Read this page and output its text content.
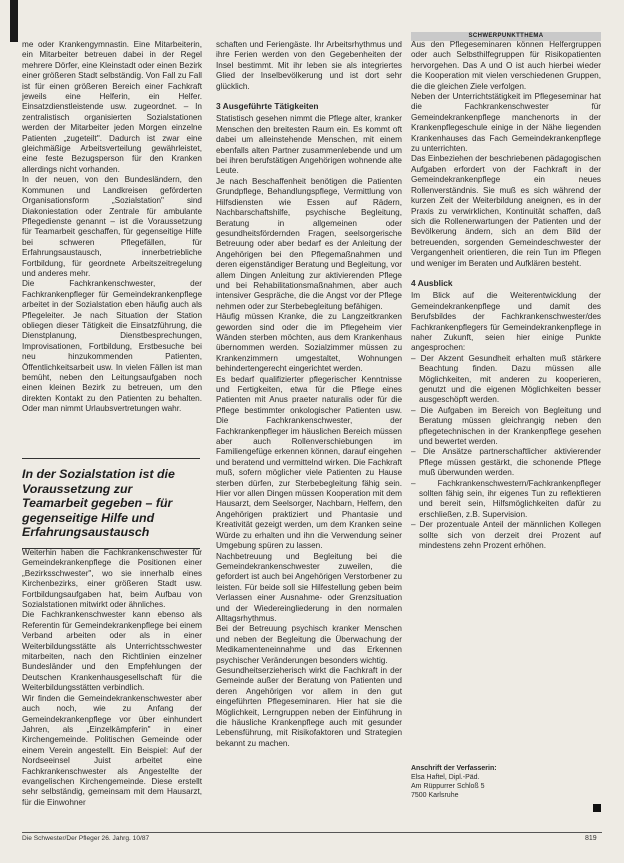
SCHWERPUNKTTHEMA

me oder Krankengymnastin. Eine Mitarbeiterin, ein Mitarbeiter betreuen dabei in der Regel mehrere Dörfer, eine Kleinstadt oder einen Bezirk einer größeren Stadt selbständig. Von Fall zu Fall ist für einen größeren Bereich einer Fachkraft jeweils eine Helferin, ein Helfer. Einsatzdienstleistende usw. zugeordnet. – In zentralistisch organisierten Sozialstationen werden der Mitarbeiter jeden Morgen einzelne Patienten „zugeteilt". Dadurch ist zwar eine gleichmäßige Arbeitsverteilung gewährleistet, eine feste Bezugsperson für den Kranken allerdings nicht vorhanden.

In der neuen, von den Bundesländern, den Kommunen und Landkreisen geförderten Organisationsform „Sozialstation" sind Diakoniestation oder Zentrale für ambulante Pflegedienste genannt – ist die Voraussetzung für Teamarbeit geschaffen, für gegenseitige Hilfe bei schweren Pflegefällen, für Erfahrungsaustausch, innerbetriebliche Fortbildung, für geordnete Arbeitszeitregelung und anderes mehr.

Die Fachkrankenschwester, der Fachkrankenpfleger für Gemeindekrankenpflege arbeitet in der Sozialstation eben häufig auch als Pflegeleiter. Je nach Situation der Station obliegen dieser Tätigkeit die Einsatzführung, die Dienstplanung, Dienstbesprechungen, Improvisationen, Fortbildung, Erstbesuche bei neu hinzukommenden Patienten, Öffentlichkeitsarbeit usw. In vielen Fällen ist man bemüht, neben den Leitungsaufgaben noch einen kleinen Bezirk zu betreuen, um den direkten Kontakt zu den Patienten zu behalten. Oder man nimmt Urlaubsvertretungen wahr.

In der Sozialstation ist die Voraussetzung zur Teamarbeit gegeben – für gegenseitige Hilfe und Erfahrungsaustausch

Weiterhin haben die Fachkrankenschwester für Gemeindekrankenpflege die Positionen einer „Bezirksschwester", wo sie innerhalb eines Kirchenbezirks, einer größeren Stadt usw. Fortbildungsaufgaben hat, beim Aufbau von Sozialstationen mitwirkt oder ähnliches.

Die Fachkrankenschwester kann ebenso als Referentin für Gemeindekrankenpflege bei einem Verband arbeiten oder als in einer Weiterbildungsstätte als Unterrichtsschwester mitarbeiten, nach den Richtlinien einzelner Bundesländer und den Empfehlungen der Deutschen Krankenhausgesellschaft für die Weiterbildungsstätten verbindlich.

Wir finden die Gemeindekrankenschwester aber auch noch, wie zu Anfang der Gemeindekrankenpflege vor über einhundert Jahren, als „Einzelkämpferin" in einer Kirchengemeinde. Politischen Gemeinde oder einem Verein angestellt. Ein Beispiel: Auf der Nordseeinsel Juist arbeitet eine Fachkrankenschwester als Angestellte der evangelischen Kirchengemeinde. Diese erstellt sehr selbständig, gemeinsam mit dem Hausarzt, für die Einwohner

schaften und Feriengäste. Ihr Arbeitsrhythmus und ihre Ferien werden von den Gegebenheiten der Insel bestimmt. Mit ihr leben sie als integriertes Glied der Inselbevölkerung und ist dort sehr glücklich.

3 Ausgeführte Tätigkeiten

Statistisch gesehen nimmt die Pflege alter, kranker Menschen den breitesten Raum ein. Es kommt oft dabei um alleinstehende Menschen, mit einem ebenfalls alten Partner zusammenlebende und um bei ihren berufstätigen Angehörigen wohnende alte Leute.

Je nach Beschaffenheit benötigen die Patienten Grundpflege, Behandlungspflege, Vermittlung von Hilfsdiensten wie Essen auf Rädern, Nachbarschaftshilfe, psychische Begleitung, Beratung in allgemeinen oder gesundheitsfördernden Fragen, seelsorgerische Betreuung oder aber bedarf es der Anleitung der Angehörigen bei den Pflegemaßnahmen und deren eigenständiger Beratung und Begleitung, vor allem Dingen Anleitung zur aktivierenden Pflege und bei Rehabilitationsmaßnahmen, aber auch intensiver Gespräche, die die Angst vor der Pflege nehmen oder zur Sterbebegleitung befähigen.

Häufig müssen Kranke, die zu Langzeitkranken geworden sind oder die im Pflegeheim vier Wänden sterben möchten, aus dem Krankenhaus übernommen werden. Sozialzimmer müssen zu Krankenzimmern umgestaltet, Wohnungen behindertengerecht eingerichtet werden.

Es bedarf qualifizierter pflegerischer Kenntnisse und Fertigkeiten, etwa für die Pflege eines Patienten mit Anus praeter naturalis oder für die Pflege bestimmter onkologischer Patienten usw. Die Fachkrankenschwester, der Fachkrankenpfleger im häuslichen Bereich müssen aber auch Rollenverschiebungen im Familiengefüge erkennen können, darauf eingehen und beratend und vermittelnd wirken. Die Fachkraft muß, sofern möglicher viele Patienten zu Hause sterben dürfen, zur Sterbebegleitung fähig sein. Hier vor allen Dingen müssen Kooperation mit dem Hausarzt, dem Seelsorger, Nachbarn, Helfern, den Angehörigen praktiziert und Phantasie und Kreativität gezeigt werden, um dem Kranken seine Würde zu erhalten und ihn die Verwendung seiner Umgebung spüren zu lassen.

Nachbetreuung und Begleitung bei die Gemeindekrankenschwester zuweilen, die gefordert ist auch bei Angehörigen Verstorbener zu leisten. Für beide soll sie Hilfestellung geben beim Verlassen einer Ausnahme- oder Grenzsituation und der Wiedereingliederung in den normalen Alltagsrhythmus.

Bei der Betreuung psychisch kranker Menschen und neben der Begleitung die Überwachung der Medikamenteneinnahme und das Erkennen psychischer Veränderungen besonders wichtig.

Gesundheitserzieherisch wirkt die Fachkraft in der Gemeinde außer der Beratung von Patienten und deren Angehörigen vor allem in den gut eingeführten Pflegeseminaren. Hier hat sie die Möglichkeit, Lerngruppen neben der Einführung in die häusliche Krankenpflege auch mit gesunder Lebensführung, mit Risikofaktoren und Strategien bekannt zu machen.

Aus den Pflegeseminaren können Helfergruppen oder auch Selbsthilfegruppen für Risikopatienten hervorgehen. Das A und O ist auch hierbei wieder die Kooperation mit vielen verschiedenen Gruppen, die die gleichen Ziele verfolgen.

Neben der Unterrichtstätigkeit im Pflegeseminar hat die Fachkrankenschwester für Gemeindekrankenpflege manchenorts in der Krankenpflegeschule einige in der Nähe liegenden Krankenhauses das Fach Gemeindekrankenpflege zu unterrichten.

Das Einbeziehen der beschriebenen pädagogischen Aufgaben erfordert von der Fachkraft in der Gemeindekrankenpflege ein neues Rollenverständnis. Sie muß es sich während der kurzen Zeit der Weiterbildung aneignen, es in der Praxis zu verwirklichen, Kontinuität schaffen, daß sich die Rollenerwartungen der Patienten und der Bevölkerung ändern, sich an dem Bild der betreuenden, sorgenden Gemeindeschwester der Vergangenheit orientieren, die rein Tun im Pflegen und weniger im Beraten und Aufklären besteht.

4 Ausblick

Im Blick auf die Weiterentwicklung der Gemeindekrankenpflege und damit des Berufsbildes der Fachkrankenschwester/des Fachkrankenpflegers für Gemeindekrankenpflege in naher Zukunft, seien hier einige Punkte angesprochen:

– Der Akzent Gesundheit erhalten muß stärkere Beachtung finden. Dazu müssen alle Möglichkeiten, mit anderen zu kooperieren, genutzt und die eigenen Möglichkeiten besser ausgeschöpft werden.
– Die Aufgaben im Bereich von Begleitung und Beratung müssen gleichrangig neben den pflegetechnischen in der Krankenpflege gesehen und bewertet werden.
– Die Ansätze partnerschaftlicher aktivierender Pflege müssen gestärkt, die schonende Pflege muß überwunden werden.
– Fachkrankenschwestern/Fachkrankenpfleger sollten fähig sein, ihr eigenes Tun zu reflektieren und bereit sein, Hilfsmöglichkeiten dafür zu erschließen, z.B. Supervision.
– Der prozentuale Anteil der männlichen Kollegen sollte sich von derzeit drei Prozent auf mindestens zehn Prozent erhöhen.
Anschrift der Verfasserin:
Elsa Haftel, Dipl.-Päd.
Am Rüppurrer Schloß 5
7500 Karlsruhe
Die Schwester/Der Pfleger 26. Jahrg. 10/87	819
